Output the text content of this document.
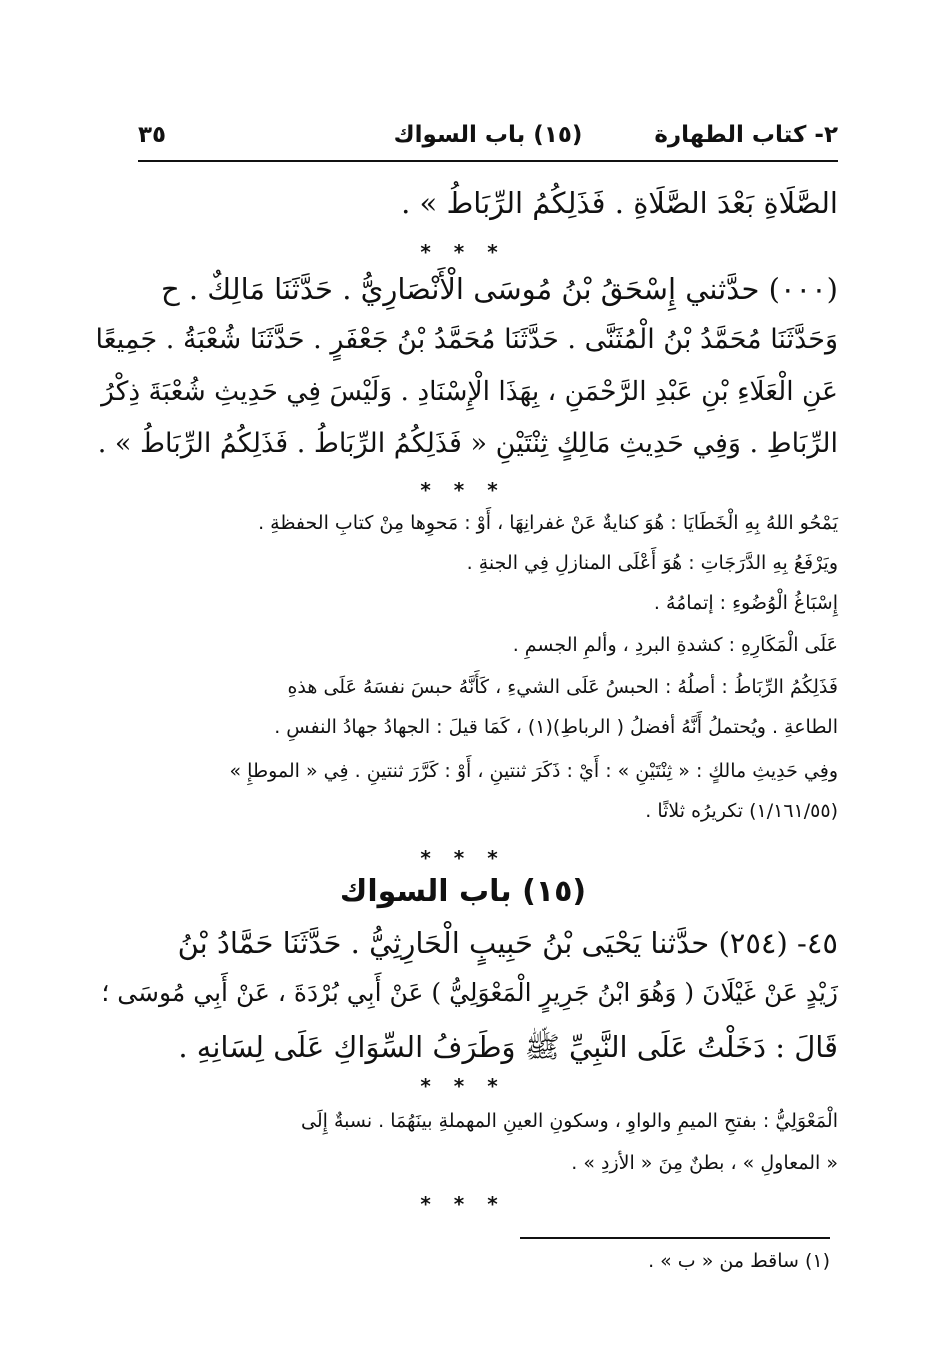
٢- كتاب الطهارة
(١٥) باب السواك
٣٥
الصَّلَاةِ بَعْدَ الصَّلَاةِ . فَذَلِكُمُ الرِّبَاطُ » .
* * *
(٠٠٠) حدَّثني إِسْحَقُ بْنُ مُوسَى الْأَنْصَارِيُّ . حَدَّثَنَا مَالِكٌ . ح
وَحَدَّثَنَا مُحَمَّدُ بْنُ الْمُثَنَّى . حَدَّثَنَا مُحَمَّدُ بْنُ جَعْفَرٍ . حَدَّثَنَا شُعْبَةُ . جَمِيعًا
عَنِ الْعَلَاءِ بْنِ عَبْدِ الرَّحْمَنِ ، بِهَذَا الْإِسْنَادِ . وَلَيْسَ فِي حَدِيثِ شُعْبَةَ ذِكْرُ
الرِّبَاطِ . وَفِي حَدِيثِ مَالِكٍ ثِنْتَيْنِ « فَذَلِكُمُ الرِّبَاطُ . فَذَلِكُمُ الرِّبَاطُ » .
* * *
يَمْحُو اللهُ بِهِ الْخَطَايَا : هُوَ كنايةٌ عَنْ غفرانِهَا ، أَوْ : مَحوِها مِنْ كتابِ الحفظةِ .
ويَرْفَعُ بِهِ الدَّرَجَاتِ : هُوَ أَعْلَى المنازلِ فِي الجنةِ .
إِسْبَاغُ الْوُضُوءِ : إتمامُهُ .
عَلَى الْمَكَارِهِ : كشدةِ البردِ ، وألمِ الجسمِ .
فَذَلِكُمُ الرِّبَاطُ : أصلُهُ : الحبسُ عَلَى الشيءِ ، كَأَنَّهُ حبسَ نفسَهُ عَلَى هذهِ
الطاعةِ . ويُحتملُ أَنَّهُ أفضلُ ( الرباطِ)(١) ، كَمَا قيلَ : الجهادُ جهادُ النفسِ .
وفِي حَدِيثِ مالكٍ : « ثِنْتَيْنِ » : أَيْ : ذَكَرَ ثنتينِ ، أَوْ : كَرَّرَ ثنتينِ . فِي « الموطإِ »
(١/١٦١/٥٥) تكريرُه ثلاثًا .
* * *
(١٥) باب السواك
٤٥- (٢٥٤) حدَّثنا يَحْيَى بْنُ حَبِيبٍ الْحَارِثِيُّ . حَدَّثَنَا حَمَّادُ بْنُ
زَيْدٍ عَنْ غَيْلَانَ ( وَهُوَ ابْنُ جَرِيرٍ الْمَعْوَلِيُّ ) عَنْ أَبِي بُرْدَةَ ، عَنْ أَبِي مُوسَى ؛
قَالَ : دَخَلْتُ عَلَى النَّبِيِّ ﷺ وَطَرَفُ السِّوَاكِ عَلَى لِسَانِهِ .
* * *
الْمَعْوَلِيُّ : بفتحِ الميمِ والواوِ ، وسكونِ العينِ المهملةِ بينَهُمَا . نسبةٌ إِلَى
« المعاولِ » ، بطنٌ مِنَ « الأزدِ » .
* * *
(١) ساقط من « ب » .
